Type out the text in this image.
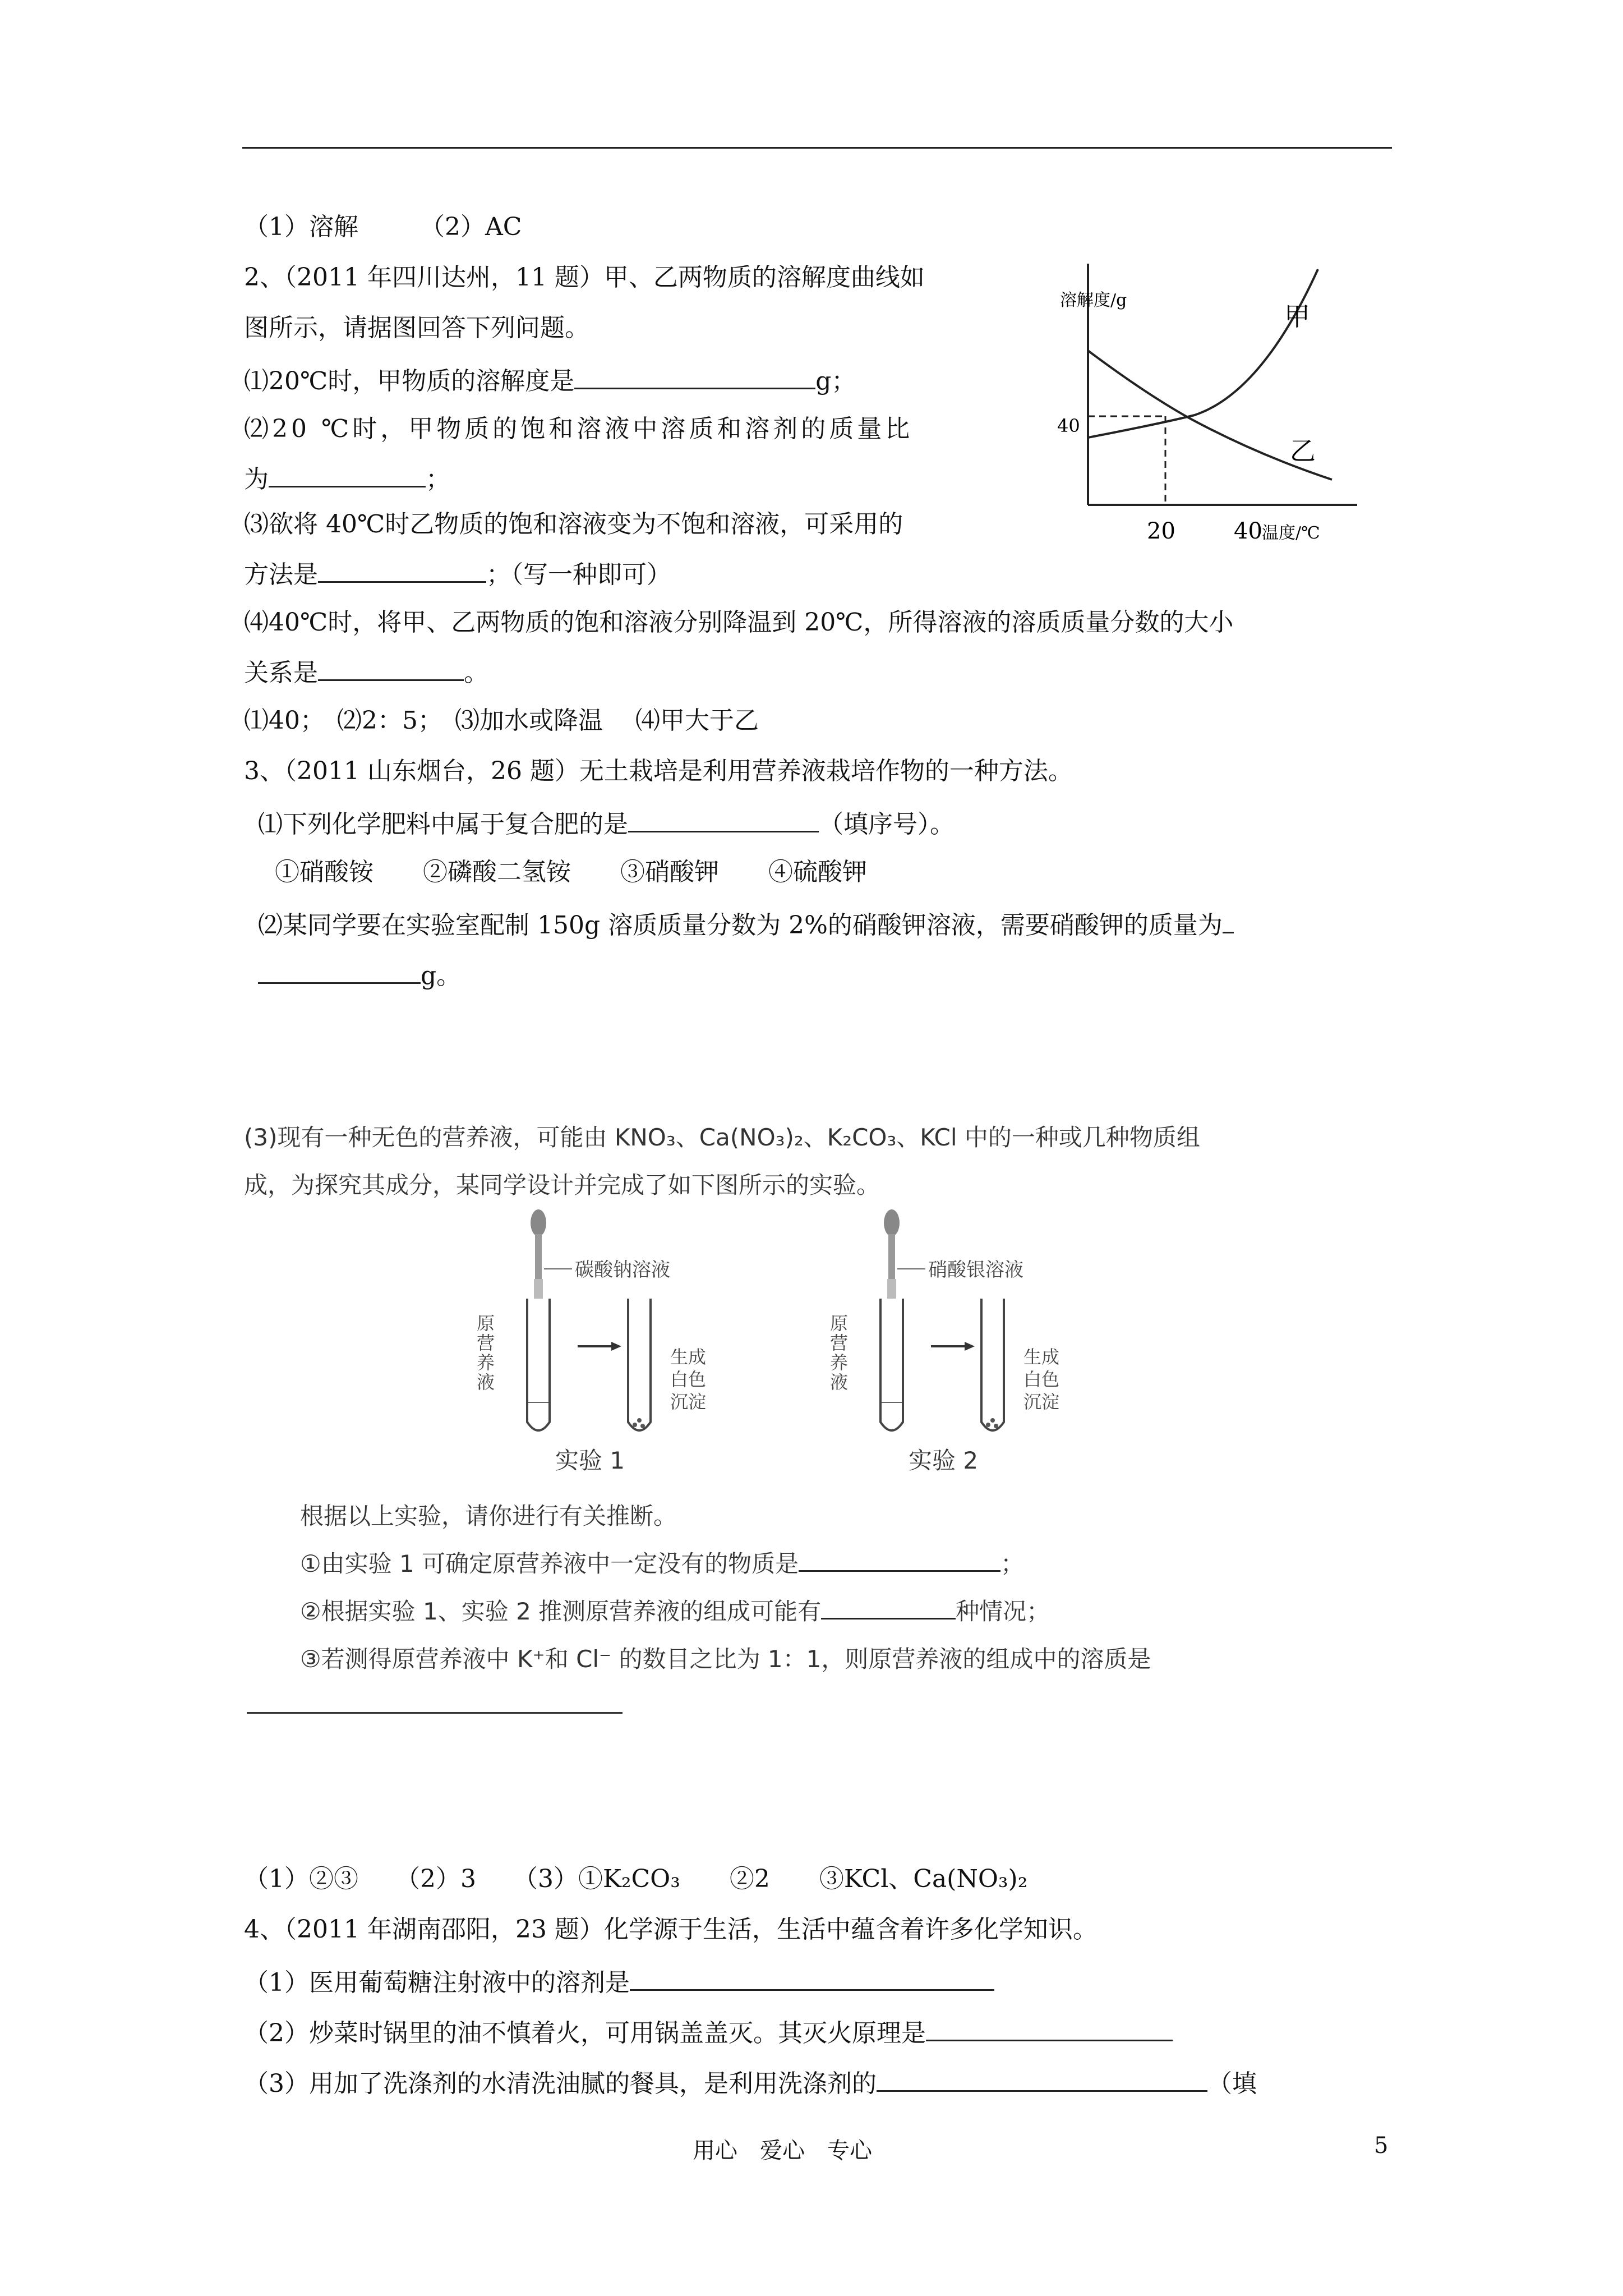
（1）溶解　　　（2）AC
2、（2011 年四川达州，11 题）甲、乙两物质的溶解度曲线如
图所示，请据图回答下列问题。
⑴20℃时，甲物质的溶解度是	g；
⑵20 ℃时，甲物质的饱和溶液中溶质和溶剂的质量比
为	；
⑶欲将 40℃时乙物质的饱和溶液变为不饱和溶液，可采用的
方法是	；（写一种即可）
⑷40℃时，将甲、乙两物质的饱和溶液分别降温到 20℃，所得溶液的溶质质量分数的大小
关系是	。
⑴40；　⑵2：5；　⑶加水或降温　 ⑷甲大于乙
溶解度/g
40
20	40 温度/℃
甲
乙
3、（2011 山东烟台，26 题）无土栽培是利用营养液栽培作物的一种方法。
⑴下列化学肥料中属于复合肥的是	（填序号）。
①硝酸铵　　②磷酸二氢铵　　③硝酸钾　　④硫酸钾
⑵某同学要在实验室配制 150g 溶质质量分数为 2%的硝酸钾溶液，需要硝酸钾的质量为
g。
(3)现有一种无色的营养液，可能由 KNO₃、Ca(NO₃)₂、K₂CO₃、KCl 中的一种或几种物质组
成，为探究其成分，某同学设计并完成了如下图所示的实验。
碳酸钠溶液
原
营
养
液
生成
白色
沉淀
实验 1
硝酸银溶液
原
营
养
液
生成
白色
沉淀
实验 2
根据以上实验，请你进行有关推断。
①由实验 1 可确定原营养液中一定没有的物质是	；
②根据实验 1、实验 2 推测原营养液的组成可能有	种情况；
③若测得原营养液中 K⁺和 Cl⁻ 的数目之比为 1：1，则原营养液的组成中的溶质是
（1）②③　　（2）3　　（3）①K₂CO₃　　②2　　③KCl、Ca(NO₃)₂
4、（2011 年湖南邵阳，23 题）化学源于生活，生活中蕴含着许多化学知识。
（1）医用葡萄糖注射液中的溶剂是
（2）炒菜时锅里的油不慎着火，可用锅盖盖灭。其灭火原理是
（3）用加了洗涤剂的水清洗油腻的餐具，是利用洗涤剂的	（填
用心　爱心　专心	5
